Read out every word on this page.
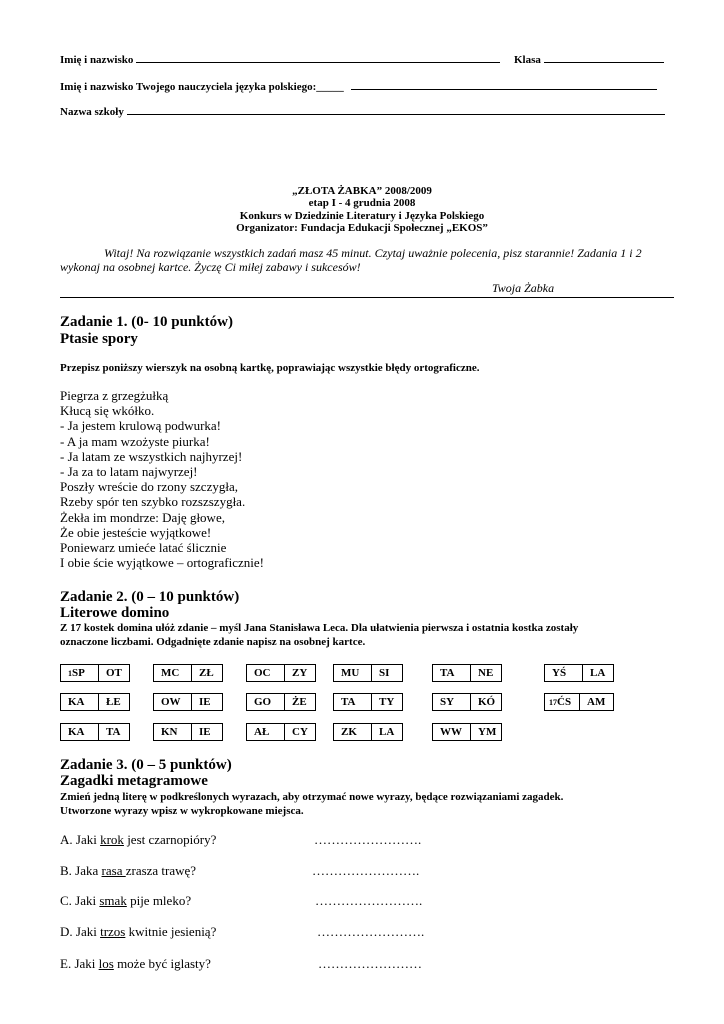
Imię i nazwisko	Klasa
Imię i nazwisko Twojego nauczyciela języka polskiego:_____
Nazwa szkoły
„ZŁOTA ŻABKA” 2008/2009
etap I - 4 grudnia 2008
Konkurs w Dziedzinie Literatury i Języka Polskiego
Organizator: Fundacja Edukacji Społecznej „EKOS”
Witaj! Na rozwiązanie wszystkich zadań masz 45 minut. Czytaj uważnie polecenia, pisz starannie! Zadania 1 i 2
wykonaj na osobnej kartce. Życzę Ci miłej zabawy i sukcesów!
Twoja Żabka
Zadanie 1. (0- 10 punktów)
Ptasie spory
Przepisz poniższy wierszyk na osobną kartkę, poprawiając wszystkie błędy ortograficzne.
Piegrza z grzegżułką
Kłucą się wkółko.
- Ja jestem krulową podwurka!
- A ja mam wzożyste piurka!
- Ja latam ze wszystkich najhyrzej!
- Ja za to latam najwyrzej!
Poszły wreście do rzony szczygła,
Rzeby spór ten szybko rozszszygła.
Żekła im mondrze: Daję głowe,
Że obie jesteście wyjątkowe!
Poniewarz umieće latać ślicznie
I obie ście wyjątkowe – ortograficznie!
Zadanie 2. (0 – 10 punktów)
Literowe domino
Z 17 kostek domina ułóż zdanie – myśl Jana Stanisława Leca. Dla ułatwienia pierwsza i ostatnia kostka zostały
oznaczone liczbami. Odgadnięte zdanie napisz na osobnej kartce.
1 SP	OT	MC	ZŁ	OC	ZY	MU	SI	TA	NE	YŚ	LA
KA	ŁE	OW	IE	GO	ŻE	TA	TY	SY	KÓ	17 ĆS	AM
KA	TA	KN	IE	AŁ	CY	ZK	LA	WW	YM
Zadanie 3. (0 – 5 punktów)
Zagadki metagramowe
Zmień jedną literę w podkreślonych wyrazach, aby otrzymać nowe wyrazy, będące rozwiązaniami zagadek.
Utworzone wyrazy wpisz w wykropkowane miejsca.
A. Jaki krok jest czarnopióry?	…………………….
B. Jaka rasa zrasza trawę?	…………………….
C. Jaki smak pije mleko?	…………………….
D. Jaki trzos kwitnie jesienią?	…………………….
E. Jaki los może być iglasty?	……………………
